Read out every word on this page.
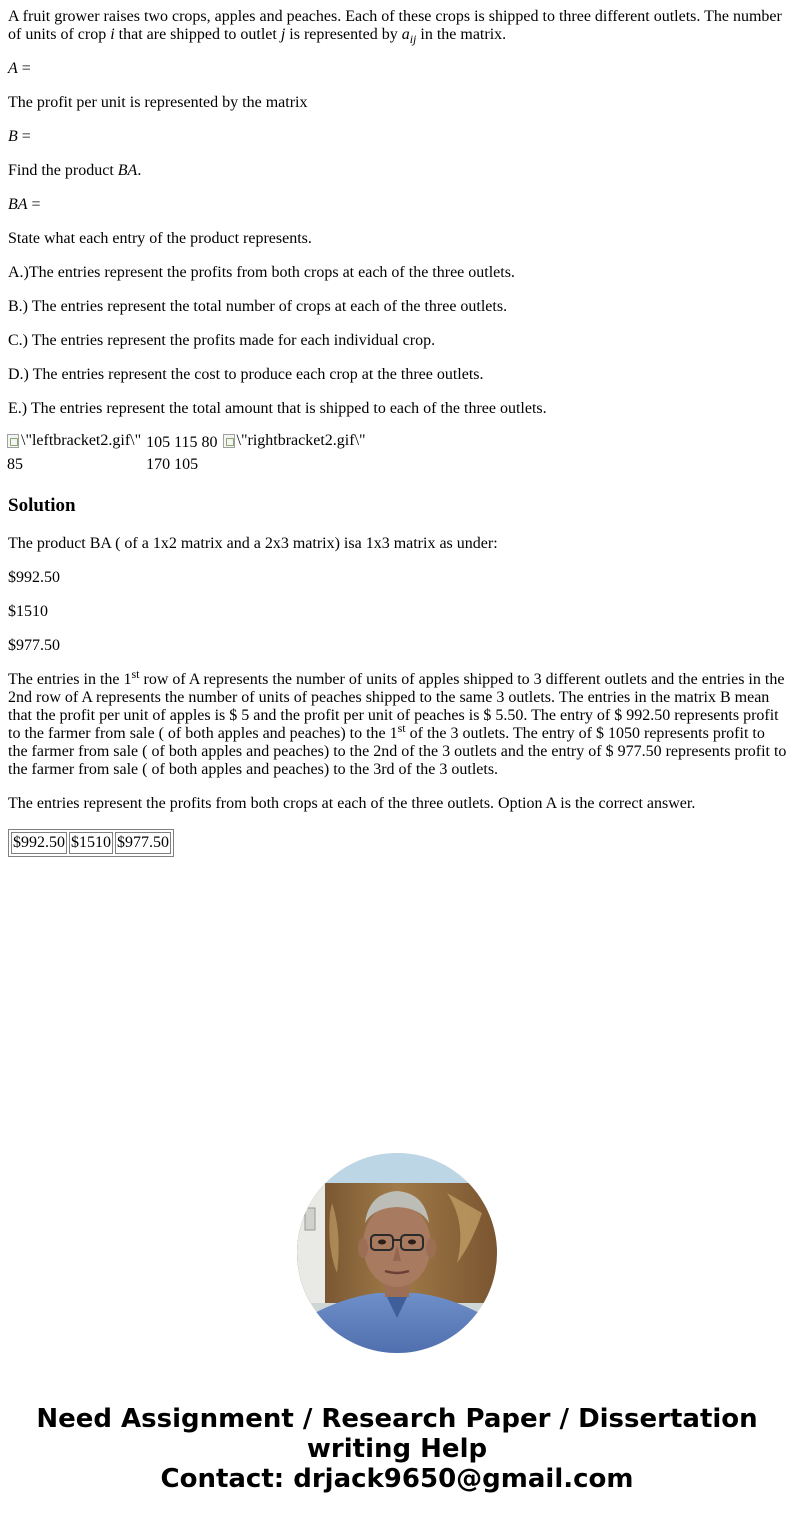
A fruit grower raises two crops, apples and peaches. Each of these crops is shipped to three different outlets. The number of units of crop i that are shipped to outlet j is represented by $a_{ij}$ in the matrix.

A =

The profit per unit is represented by the matrix

B =

Find the product BA.

BA =

State what each entry of the product represents.

A.)The entries represent the profits from both crops at each of the three outlets.

B.) The entries represent the total number of crops at each of the three outlets.

C.) The entries represent the profits made for each individual crop.

D.) The entries represent the cost to produce each crop at the three outlets.

E.) The entries represent the total amount that is shipped to each of the three outlets.

\"leftbracket2.gif\"	105 115 80	\"rightbracket2.gif\"

85	170 105	
Solution

The product BA ( of a 1x2 matrix and a 2x3 matrix) isa 1x3 matrix as under:

$992.50

$1510

$977.50

The entries in the 1st row of A represents the number of units of apples shipped to 3 different outlets and the entries in the 2nd row of A represents the number of units of peaches shipped to the same 3 outlets. The entries in the matrix B mean that the profit per unit of apples is $ 5 and the profit per unit of peaches is $ 5.50. The entry of $ 992.50 represents profit to the farmer from sale ( of both apples and peaches) to the 1st of the 3 outlets. The entry of $ 1050 represents profit to the farmer from sale ( of both apples and peaches) to the 2nd of the 3 outlets and the entry of $ 977.50 represents profit to the farmer from sale ( of both apples and peaches) to the 3rd of the 3 outlets.

The entries represent the profits from both crops at each of the three outlets. Option A is the correct answer.

$992.50	$1510	$977.50
Need Assignment / Research Paper / Dissertation
writing Help
Contact: drjack9650@gmail.com
